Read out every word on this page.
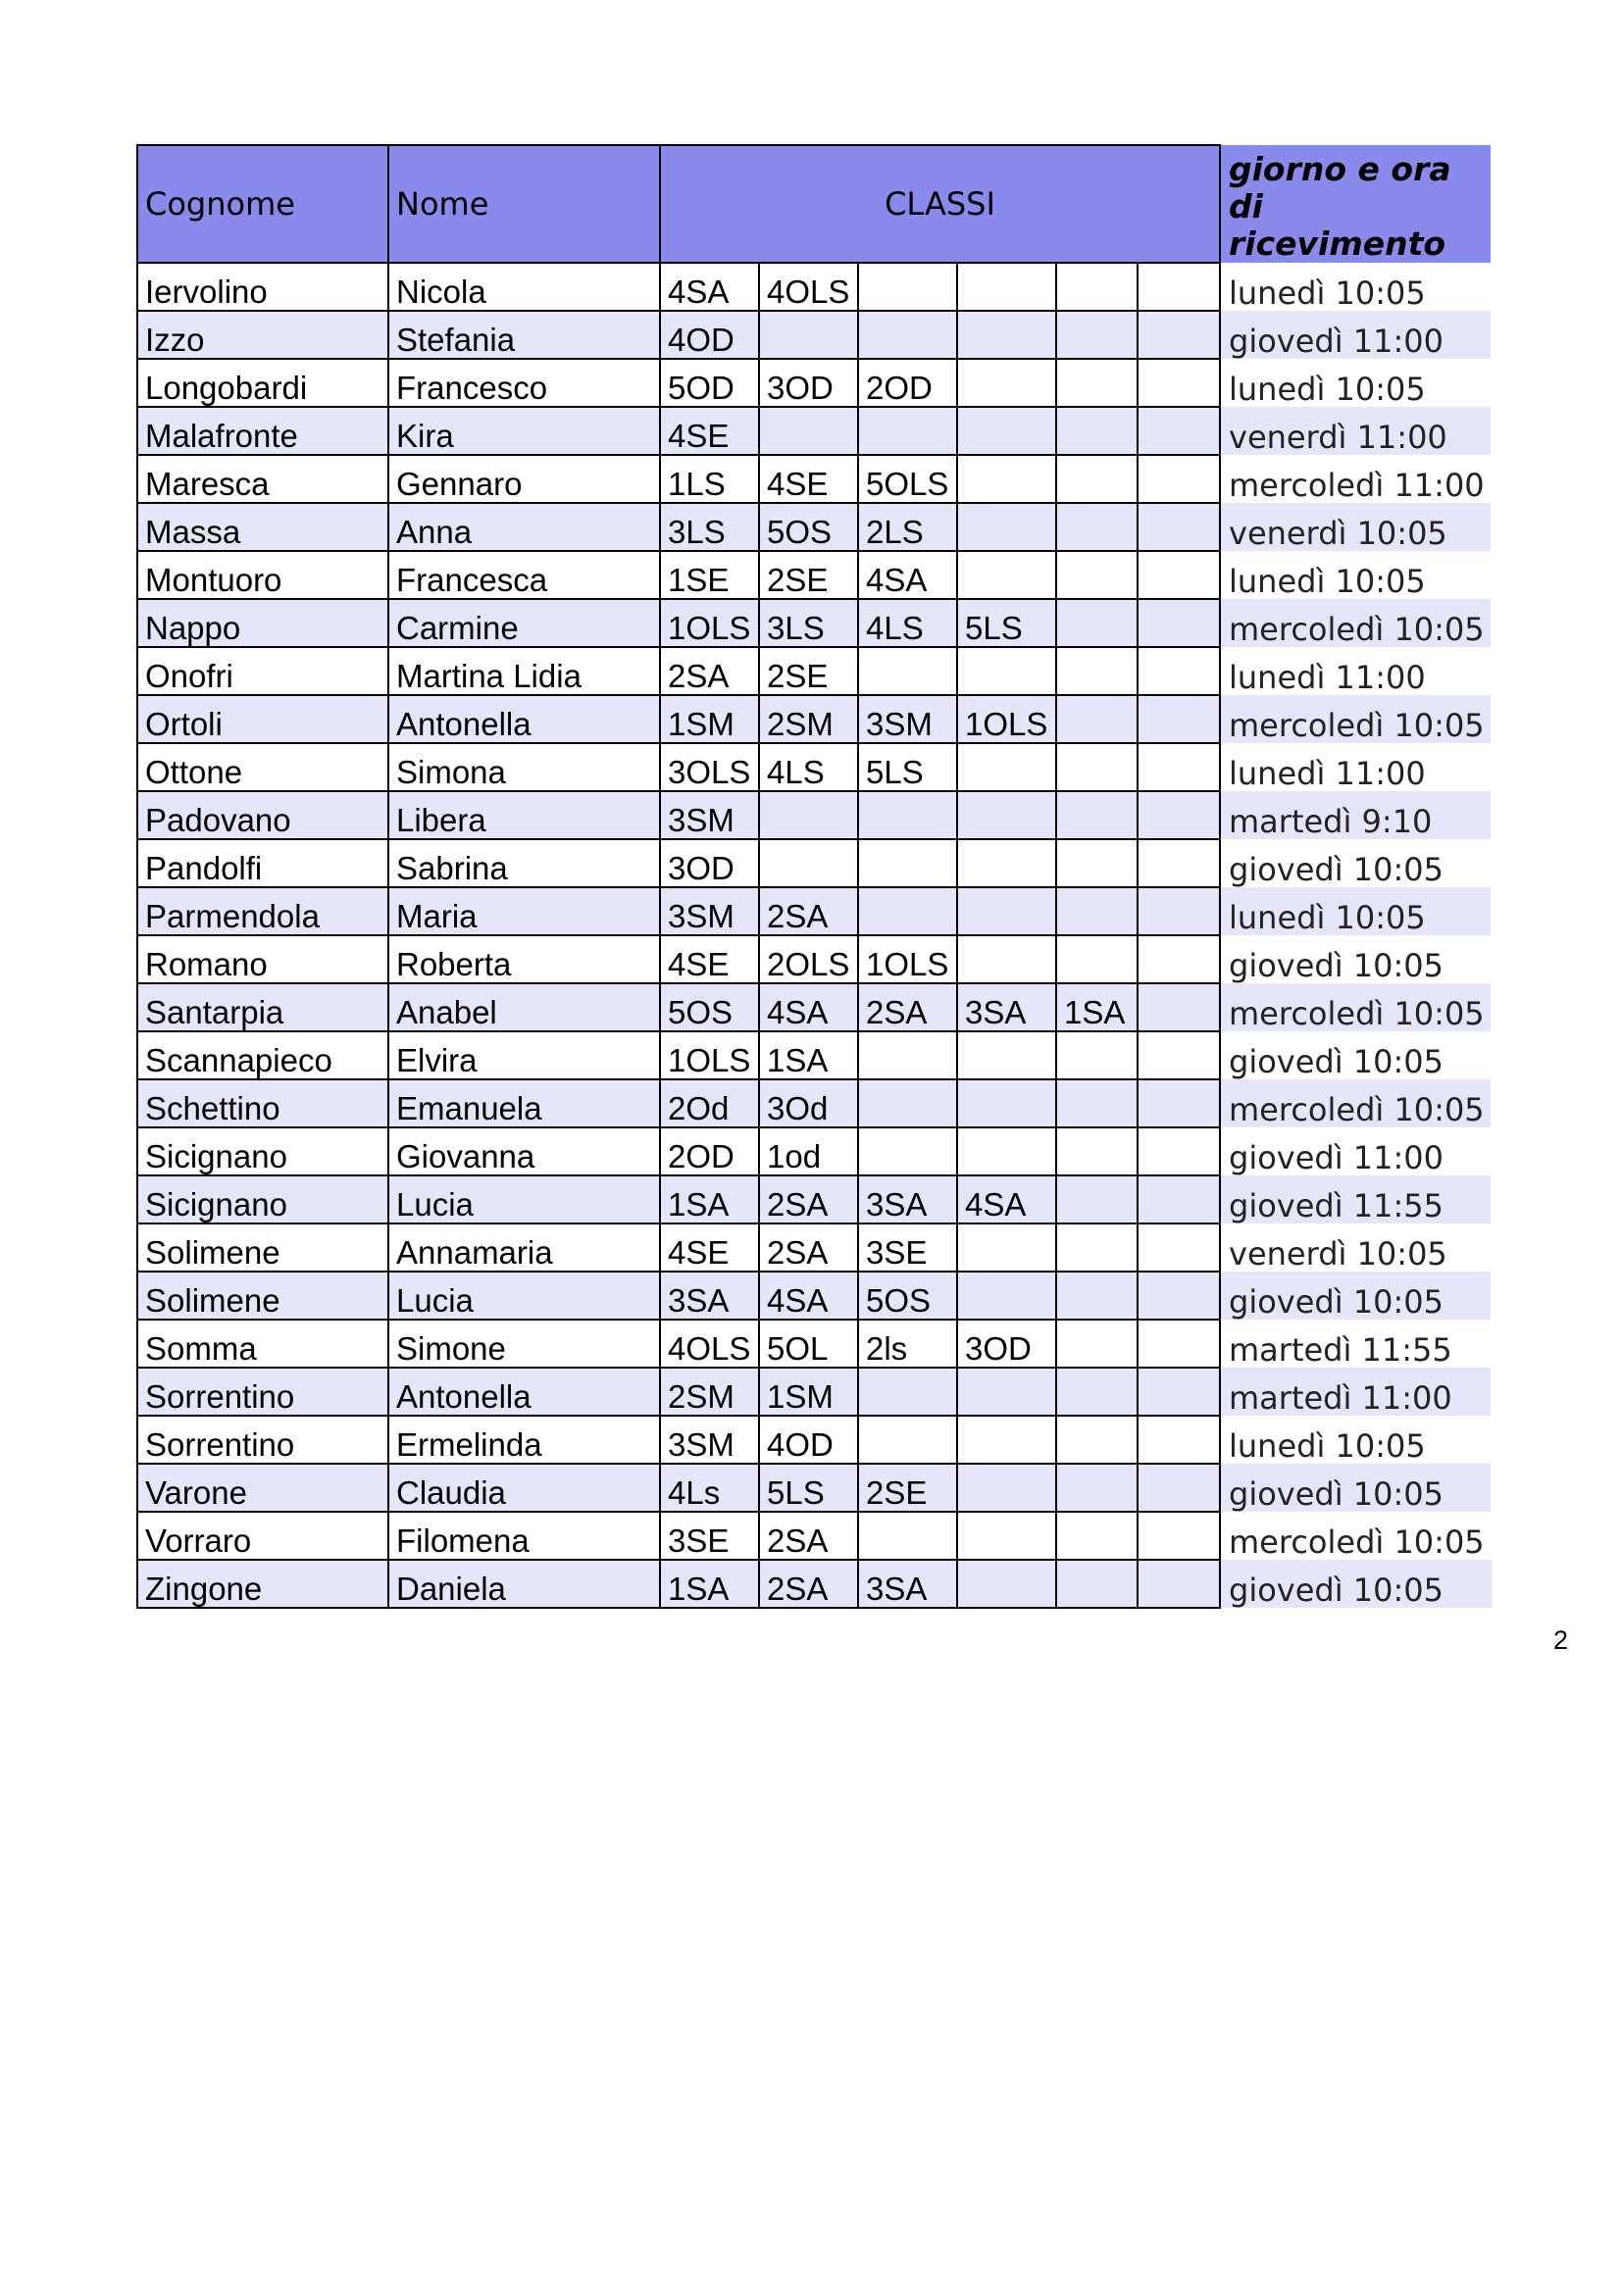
Cognome	Nome	CLASSI						giorno e ora di ricevimento
Iervolino	Nicola	4SA	4OLS					lunedì 10:05
Izzo	Stefania	4OD						giovedì 11:00
Longobardi	Francesco	5OD	3OD	2OD				lunedì 10:05
Malafronte	Kira	4SE						venerdì 11:00
Maresca	Gennaro	1LS	4SE	5OLS				mercoledì 11:00
Massa	Anna	3LS	5OS	2LS				venerdì 10:05
Montuoro	Francesca	1SE	2SE	4SA				lunedì 10:05
Nappo	Carmine	1OLS	3LS	4LS	5LS			mercoledì 10:05
Onofri	Martina Lidia	2SA	2SE					lunedì 11:00
Ortoli	Antonella	1SM	2SM	3SM	1OLS			mercoledì 10:05
Ottone	Simona	3OLS	4LS	5LS				lunedì 11:00
Padovano	Libera	3SM						martedì 9:10
Pandolfi	Sabrina	3OD						giovedì 10:05
Parmendola	Maria	3SM	2SA					lunedì 10:05
Romano	Roberta	4SE	2OLS	1OLS				giovedì 10:05
Santarpia	Anabel	5OS	4SA	2SA	3SA	1SA		mercoledì 10:05
Scannapieco	Elvira	1OLS	1SA					giovedì 10:05
Schettino	Emanuela	2Od	3Od					mercoledì 10:05
Sicignano	Giovanna	2OD	1od					giovedì 11:00
Sicignano	Lucia	1SA	2SA	3SA	4SA			giovedì 11:55
Solimene	Annamaria	4SE	2SA	3SE				venerdì 10:05
Solimene	Lucia	3SA	4SA	5OS				giovedì 10:05
Somma	Simone	4OLS	5OL	2ls	3OD			martedì 11:55
Sorrentino	Antonella	2SM	1SM					martedì 11:00
Sorrentino	Ermelinda	3SM	4OD					lunedì 10:05
Varone	Claudia	4Ls	5LS	2SE				giovedì 10:05
Vorraro	Filomena	3SE	2SA					mercoledì 10:05
Zingone	Daniela	1SA	2SA	3SA				giovedì 10:05
2
